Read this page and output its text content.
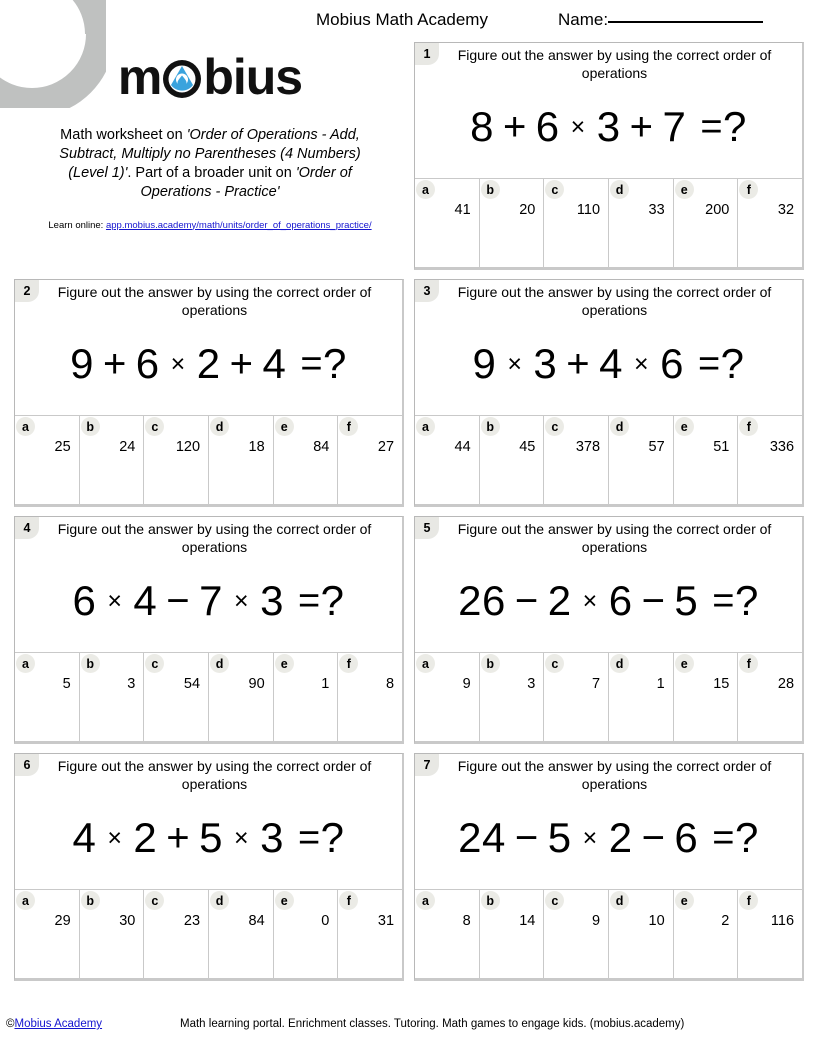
Mobius Math Academy	Name:
m bius
Math worksheet on 'Order of Operations - Add, Subtract, Multiply no Parentheses (4 Numbers) (Level 1)'. Part of a broader unit on 'Order of Operations - Practice'
Learn online: app.mobius.academy/math/units/order_of_operations_practice/
1	Figure out the answer by using the correct order of operations
8 + 6 × 3 + 7 = ?
a
41
b
20
c
110
d
33
e
200
f
32
2	Figure out the answer by using the correct order of operations
9 + 6 × 2 + 4 = ?
a
25
b
24
c
120
d
18
e
84
f
27
3	Figure out the answer by using the correct order of operations
9 × 3 + 4 × 6 = ?
a
44
b
45
c
378
d
57
e
51
f
336
4	Figure out the answer by using the correct order of operations
6 × 4 − 7 × 3 = ?
a
5
b
3
c
54
d
90
e
1
f
8
5	Figure out the answer by using the correct order of operations
26 − 2 × 6 − 5 = ?
a
9
b
3
c
7
d
1
e
15
f
28
6	Figure out the answer by using the correct order of operations
4 × 2 + 5 × 3 = ?
a
29
b
30
c
23
d
84
e
0
f
31
7	Figure out the answer by using the correct order of operations
24 − 5 × 2 − 6 = ?
a
8
b
14
c
9
d
10
e
2
f
116
©Mobius Academy	Math learning portal. Enrichment classes. Tutoring. Math games to engage kids. (mobius.academy)
